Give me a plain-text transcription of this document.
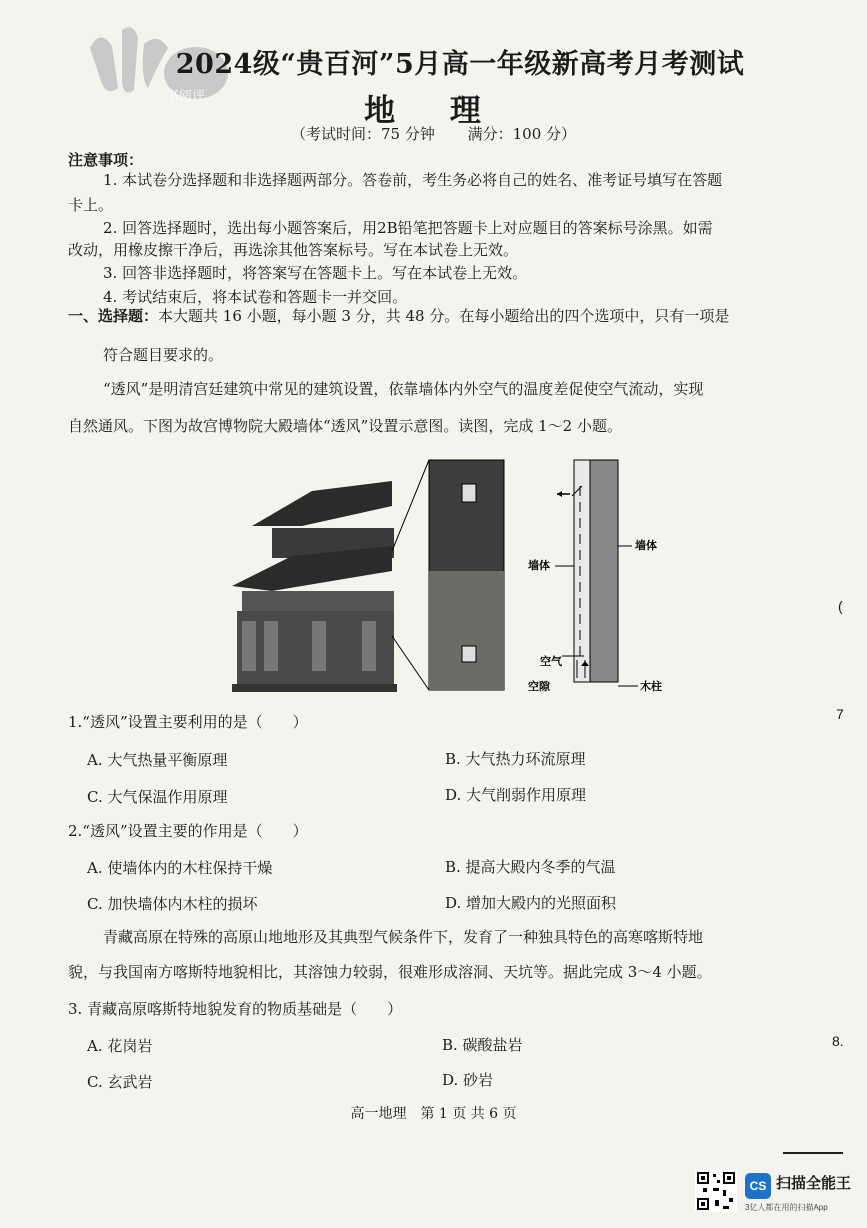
书阅评
2024级“贵百河”5月高一年级新高考月考测试
地 理
（考试时间：75 分钟 满分：100 分）
注意事项：
1. 本试卷分选择题和非选择题两部分。答卷前，考生务必将自己的姓名、准考证号填写在答题
卡上。
2. 回答选择题时，选出每小题答案后，用2B铅笔把答题卡上对应题目的答案标号涂黑。如需
改动，用橡皮擦干净后，再选涂其他答案标号。写在本试卷上无效。
3. 回答非选择题时，将答案写在答题卡上。写在本试卷上无效。
4. 考试结束后，将本试卷和答题卡一并交回。
一、选择题：本大题共 16 小题，每小题 3 分，共 48 分。在每小题给出的四个选项中，只有一项是
符合题目要求的。
“透风”是明清宫廷建筑中常见的建筑设置，依靠墙体内外空气的温度差促使空气流动，实现
自然通风。下图为故宫博物院大殿墙体“透风”设置示意图。读图，完成 1～2 小题。
墙体
墙体
空气
空隙	木柱
1.“透风”设置主要利用的是（　　）
A. 大气热量平衡原理	B. 大气热力环流原理
C. 大气保温作用原理	D. 大气削弱作用原理
2.“透风”设置主要的作用是（　　）
A. 使墙体内的木柱保持干燥	B. 提高大殿内冬季的气温
C. 加快墙体内木柱的损坏	D. 增加大殿内的光照面积
青藏高原在特殊的高原山地地形及其典型气候条件下，发育了一种独具特色的高寒喀斯特地
貌，与我国南方喀斯特地貌相比，其溶蚀力较弱，很难形成溶洞、天坑等。据此完成 3～4 小题。
3. 青藏高原喀斯特地貌发育的物质基础是（　　）
A. 花岗岩	B. 碳酸盐岩
C. 玄武岩	D. 砂岩
高一地理　第 1 页 共 6 页
(
7
8.
CS 扫描全能王
3亿人都在用的扫描App
